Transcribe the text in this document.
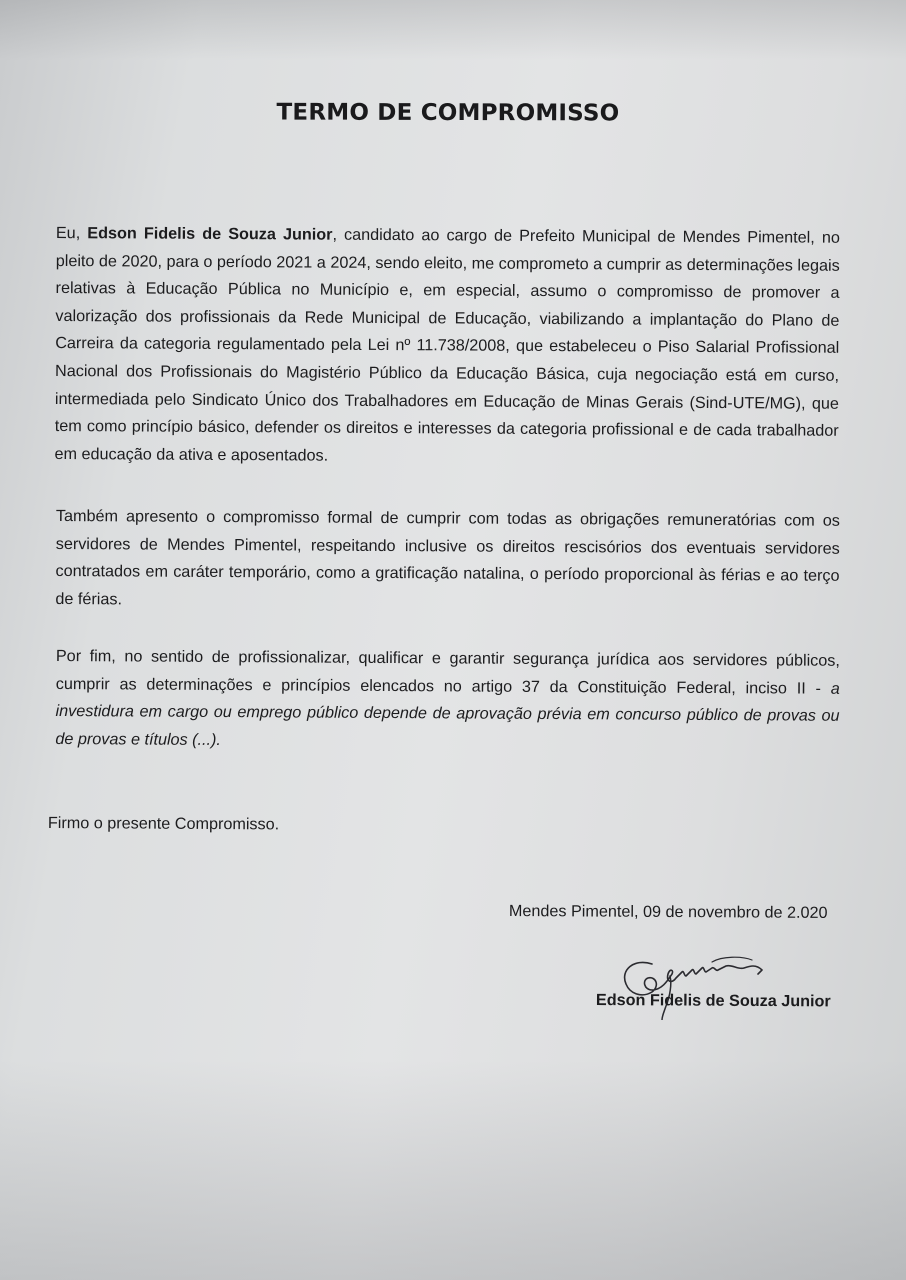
TERMO DE COMPROMISSO
Eu, Edson Fidelis de Souza Junior, candidato ao cargo de Prefeito Municipal de Mendes Pimentel, no pleito de 2020, para o período 2021 a 2024, sendo eleito, me comprometo a cumprir as determinações legais relativas à Educação Pública no Município e, em especial, assumo o compromisso de promover a valorização dos profissionais da Rede Municipal de Educação, viabilizando a implantação do Plano de Carreira da categoria regulamentado pela Lei nº 11.738/2008, que estabeleceu o Piso Salarial Profissional Nacional dos Profissionais do Magistério Público da Educação Básica, cuja negociação está em curso, intermediada pelo Sindicato Único dos Trabalhadores em Educação de Minas Gerais (Sind-UTE/MG), que tem como princípio básico, defender os direitos e interesses da categoria profissional e de cada trabalhador em educação da ativa e aposentados.
Também apresento o compromisso formal de cumprir com todas as obrigações remuneratórias com os servidores de Mendes Pimentel, respeitando inclusive os direitos rescisórios dos eventuais servidores contratados em caráter temporário, como a gratificação natalina, o período proporcional às férias e ao terço de férias.
Por fim, no sentido de profissionalizar, qualificar e garantir segurança jurídica aos servidores públicos, cumprir as determinações e princípios elencados no artigo 37 da Constituição Federal, inciso II - a investidura em cargo ou emprego público depende de aprovação prévia em concurso público de provas ou de provas e títulos (...).
Firmo o presente Compromisso.
Mendes Pimentel, 09 de novembro de 2.020
Edson Fidelis de Souza Junior
